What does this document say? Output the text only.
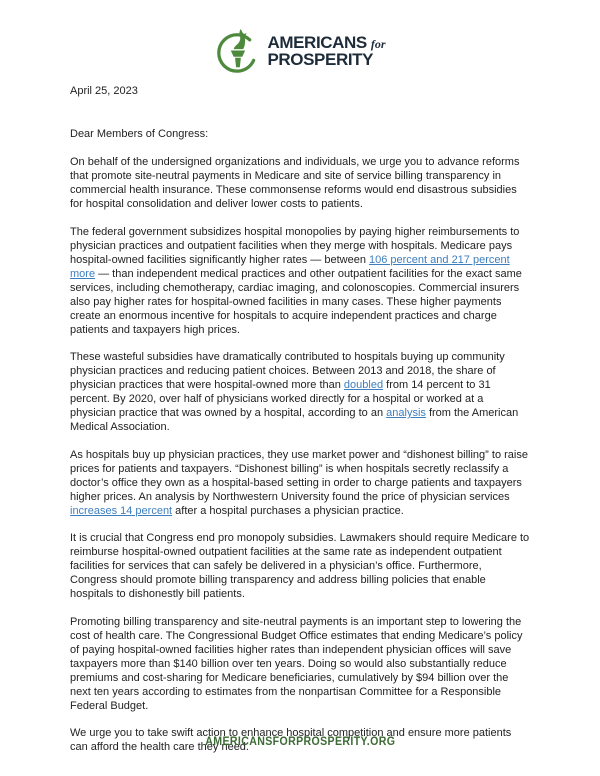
AMERICANS for
PROSPERITY
April 25, 2023
Dear Members of Congress:

On behalf of the undersigned organizations and individuals, we urge you to advance reforms that promote site-neutral payments in Medicare and site of service billing transparency in commercial health insurance. These commonsense reforms would end disastrous subsidies for hospital consolidation and deliver lower costs to patients.

The federal government subsidizes hospital monopolies by paying higher reimbursements to physician practices and outpatient facilities when they merge with hospitals. Medicare pays hospital-owned facilities significantly higher rates — between 106 percent and 217 percent more — than independent medical practices and other outpatient facilities for the exact same services, including chemotherapy, cardiac imaging, and colonoscopies. Commercial insurers also pay higher rates for hospital-owned facilities in many cases. These higher payments create an enormous incentive for hospitals to acquire independent practices and charge patients and taxpayers high prices.

These wasteful subsidies have dramatically contributed to hospitals buying up community physician practices and reducing patient choices. Between 2013 and 2018, the share of physician practices that were hospital-owned more than doubled from 14 percent to 31 percent. By 2020, over half of physicians worked directly for a hospital or worked at a physician practice that was owned by a hospital, according to an analysis from the American Medical Association.

As hospitals buy up physician practices, they use market power and “dishonest billing” to raise prices for patients and taxpayers. “Dishonest billing” is when hospitals secretly reclassify a doctor’s office they own as a hospital-based setting in order to charge patients and taxpayers higher prices. An analysis by Northwestern University found the price of physician services increases 14 percent after a hospital purchases a physician practice.

It is crucial that Congress end pro monopoly subsidies. Lawmakers should require Medicare to reimburse hospital-owned outpatient facilities at the same rate as independent outpatient facilities for services that can safely be delivered in a physician’s office. Furthermore, Congress should promote billing transparency and address billing policies that enable hospitals to dishonestly bill patients.

Promoting billing transparency and site-neutral payments is an important step to lowering the cost of health care. The Congressional Budget Office estimates that ending Medicare’s policy of paying hospital-owned facilities higher rates than independent physician offices will save taxpayers more than $140 billion over ten years. Doing so would also substantially reduce premiums and cost-sharing for Medicare beneficiaries, cumulatively by $94 billion over the next ten years according to estimates from the nonpartisan Committee for a Responsible Federal Budget.

We urge you to take swift action to enhance hospital competition and ensure more patients can afford the health care they need.

AMERICANSFORPROSPERITY.ORG
